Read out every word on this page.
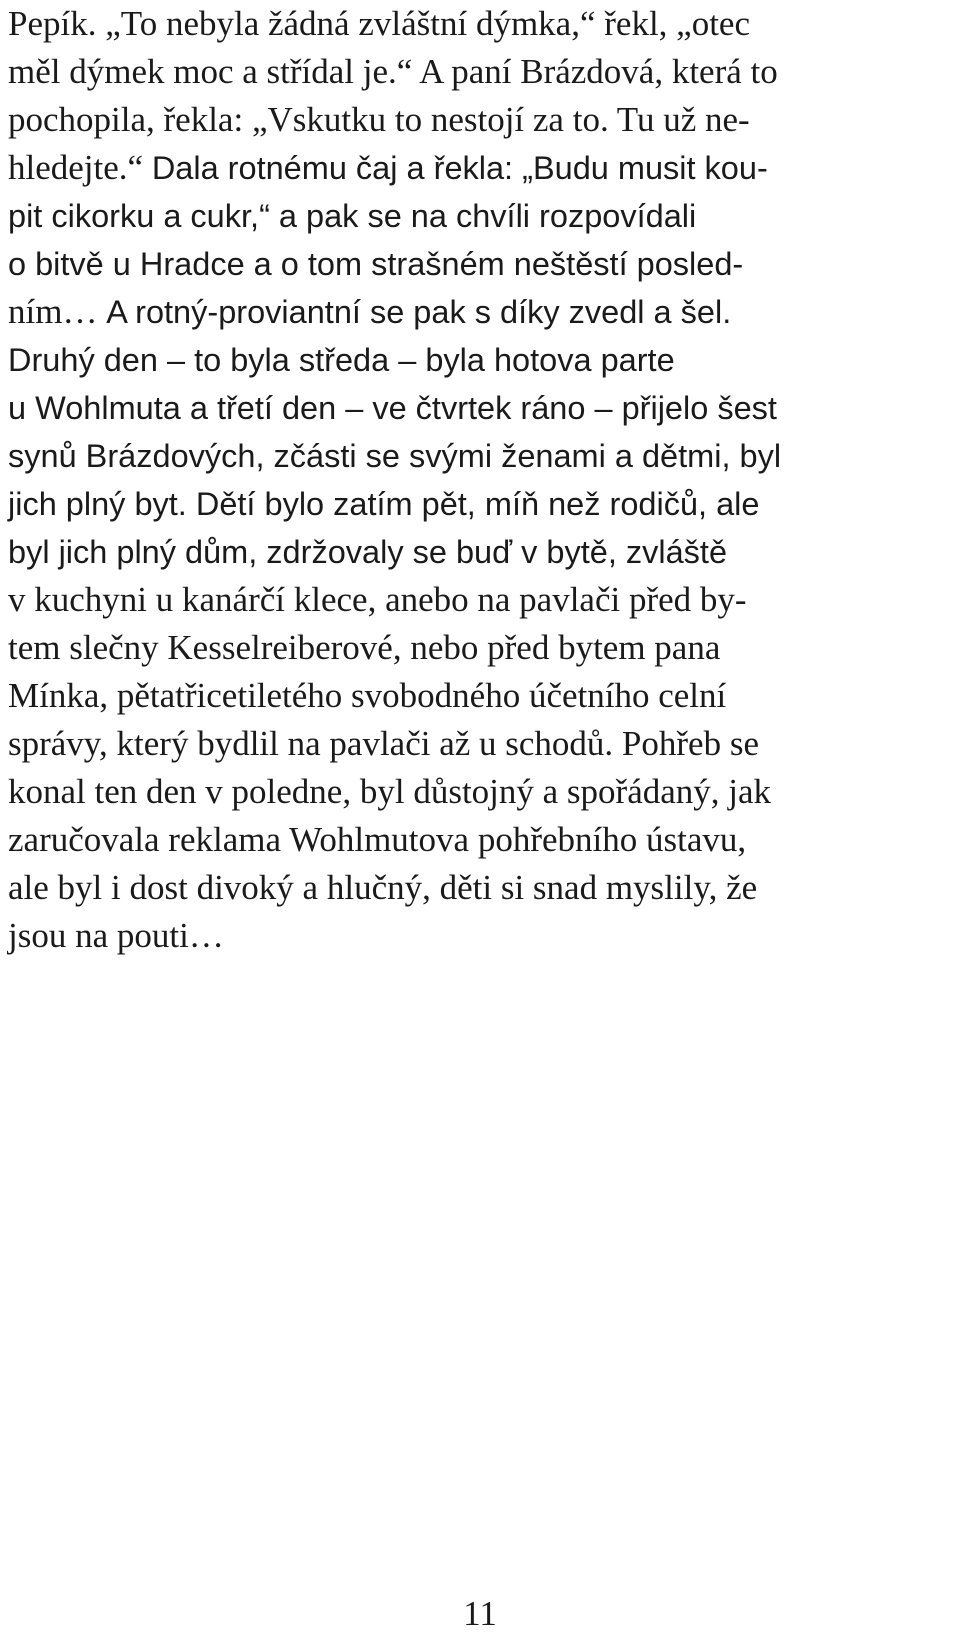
Pepík. „To nebyla žádná zvláštní dýmka,“ řekl, „otec
měl dýmek moc a střídal je.“ A paní Brázdová, která to
pochopila, řekla: „Vskutku to nestojí za to. Tu už ne-
hledejte.“ Dala rotnému čaj a řekla: „Budu musit kou-
pit cikorku a cukr,“ a pak se na chvíli rozpovídali
o bitvě u Hradce a o tom strašném neštěstí posled-
ním… A rotný-proviantní se pak s díky zvedl a šel.
Druhý den – to byla středa – byla hotova parte
u Wohlmuta a třetí den – ve čtvrtek ráno – přijelo šest
synů Brázdových, zčásti se svými ženami a dětmi, byl
jich plný byt. Dětí bylo zatím pět, míň než rodičů, ale
byl jich plný dům, zdržovaly se buď v bytě, zvláště
v kuchyni u kanárčí klece, anebo na pavlači před by-
tem slečny Kesselreiberové, nebo před bytem pana
Mínka, pětatřicetiletého svobodného účetního celní
správy, který bydlil na pavlači až u schodů. Pohřeb se
konal ten den v poledne, byl důstojný a spořádaný, jak
zaručovala reklama Wohlmutova pohřebního ústavu,
ale byl i dost divoký a hlučný, děti si snad myslily, že
jsou na pouti…
11
